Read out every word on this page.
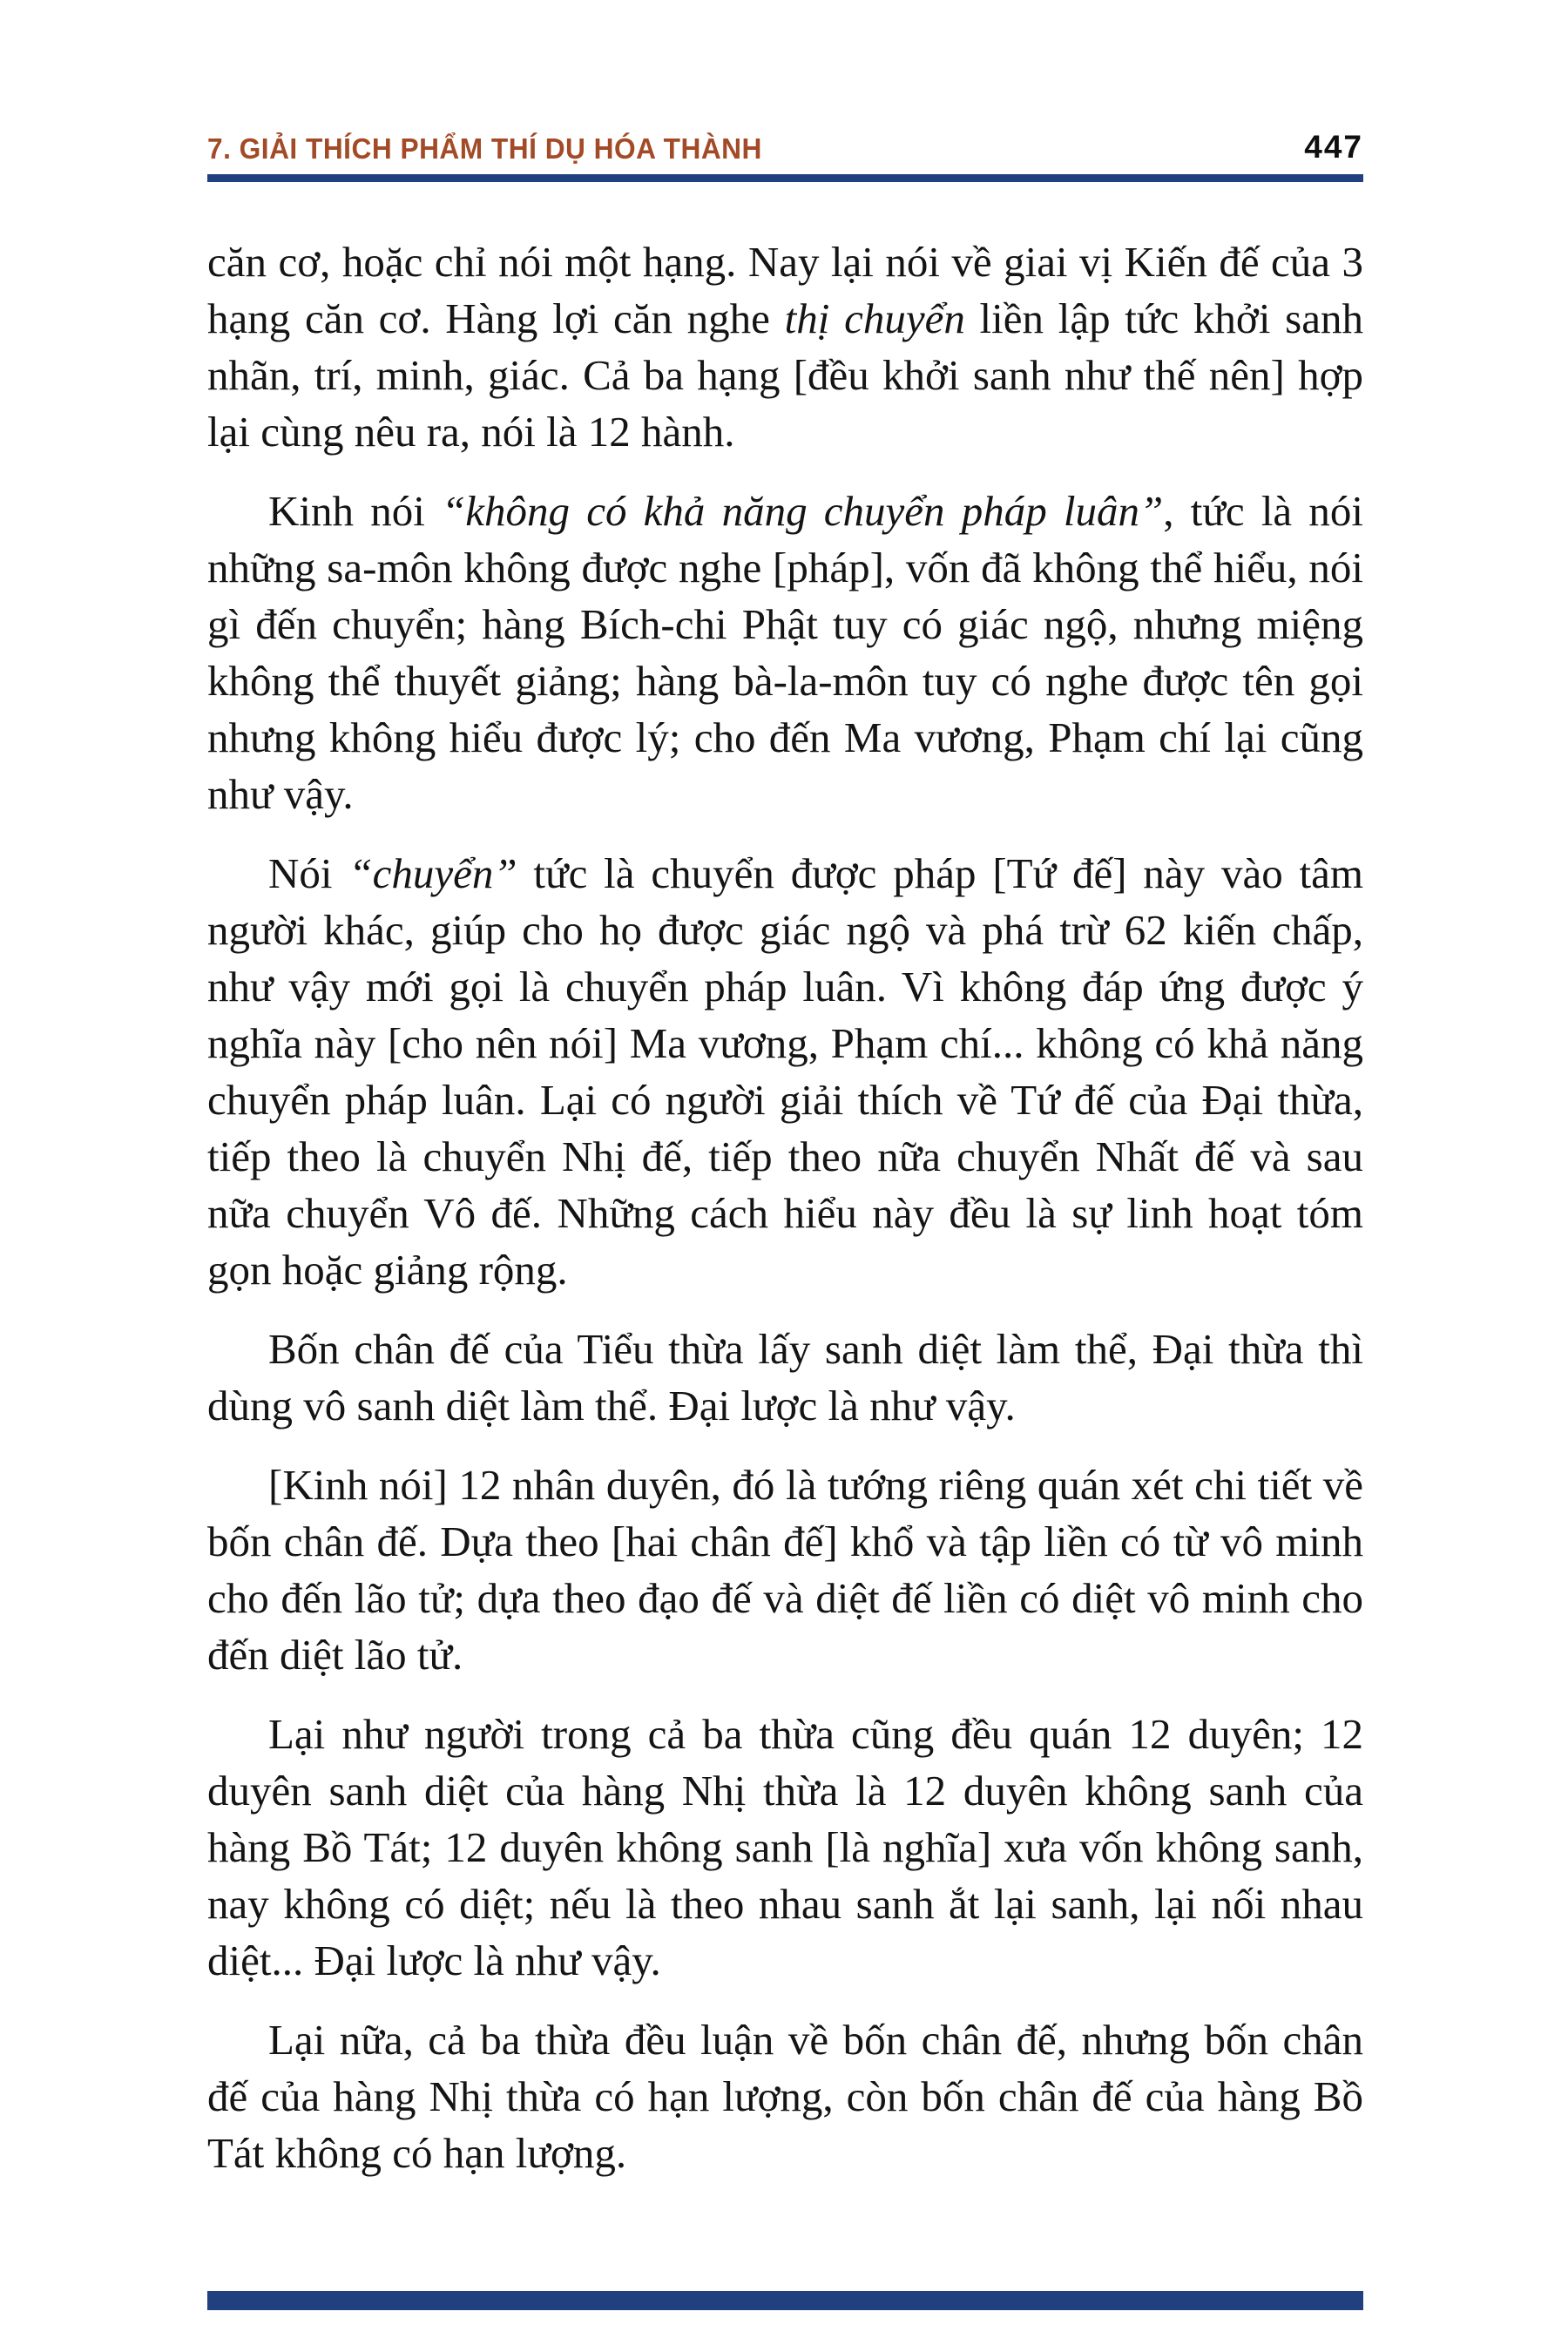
7. GIẢI THÍCH PHẨM THÍ DỤ HÓA THÀNH	447

căn cơ, hoặc chỉ nói một hạng. Nay lại nói về giai vị Kiến đế của 3 hạng căn cơ. Hàng lợi căn nghe thị chuyển liền lập tức khởi sanh nhãn, trí, minh, giác. Cả ba hạng [đều khởi sanh như thế nên] hợp lại cùng nêu ra, nói là 12 hành.

Kinh nói “không có khả năng chuyển pháp luân”, tức là nói những sa-môn không được nghe [pháp], vốn đã không thể hiểu, nói gì đến chuyển; hàng Bích-chi Phật tuy có giác ngộ, nhưng miệng không thể thuyết giảng; hàng bà-la-môn tuy có nghe được tên gọi nhưng không hiểu được lý; cho đến Ma vương, Phạm chí lại cũng như vậy.

Nói “chuyển” tức là chuyển được pháp [Tứ đế] này vào tâm người khác, giúp cho họ được giác ngộ và phá trừ 62 kiến chấp, như vậy mới gọi là chuyển pháp luân. Vì không đáp ứng được ý nghĩa này [cho nên nói] Ma vương, Phạm chí... không có khả năng chuyển pháp luân. Lại có người giải thích về Tứ đế của Đại thừa, tiếp theo là chuyển Nhị đế, tiếp theo nữa chuyển Nhất đế và sau nữa chuyển Vô đế. Những cách hiểu này đều là sự linh hoạt tóm gọn hoặc giảng rộng.

Bốn chân đế của Tiểu thừa lấy sanh diệt làm thể, Đại thừa thì dùng vô sanh diệt làm thể. Đại lược là như vậy.

[Kinh nói] 12 nhân duyên, đó là tướng riêng quán xét chi tiết về bốn chân đế. Dựa theo [hai chân đế] khổ và tập liền có từ vô minh cho đến lão tử; dựa theo đạo đế và diệt đế liền có diệt vô minh cho đến diệt lão tử.

Lại như người trong cả ba thừa cũng đều quán 12 duyên; 12 duyên sanh diệt của hàng Nhị thừa là 12 duyên không sanh của hàng Bồ Tát; 12 duyên không sanh [là nghĩa] xưa vốn không sanh, nay không có diệt; nếu là theo nhau sanh ắt lại sanh, lại nối nhau diệt... Đại lược là như vậy.

Lại nữa, cả ba thừa đều luận về bốn chân đế, nhưng bốn chân đế của hàng Nhị thừa có hạn lượng, còn bốn chân đế của hàng Bồ Tát không có hạn lượng.
